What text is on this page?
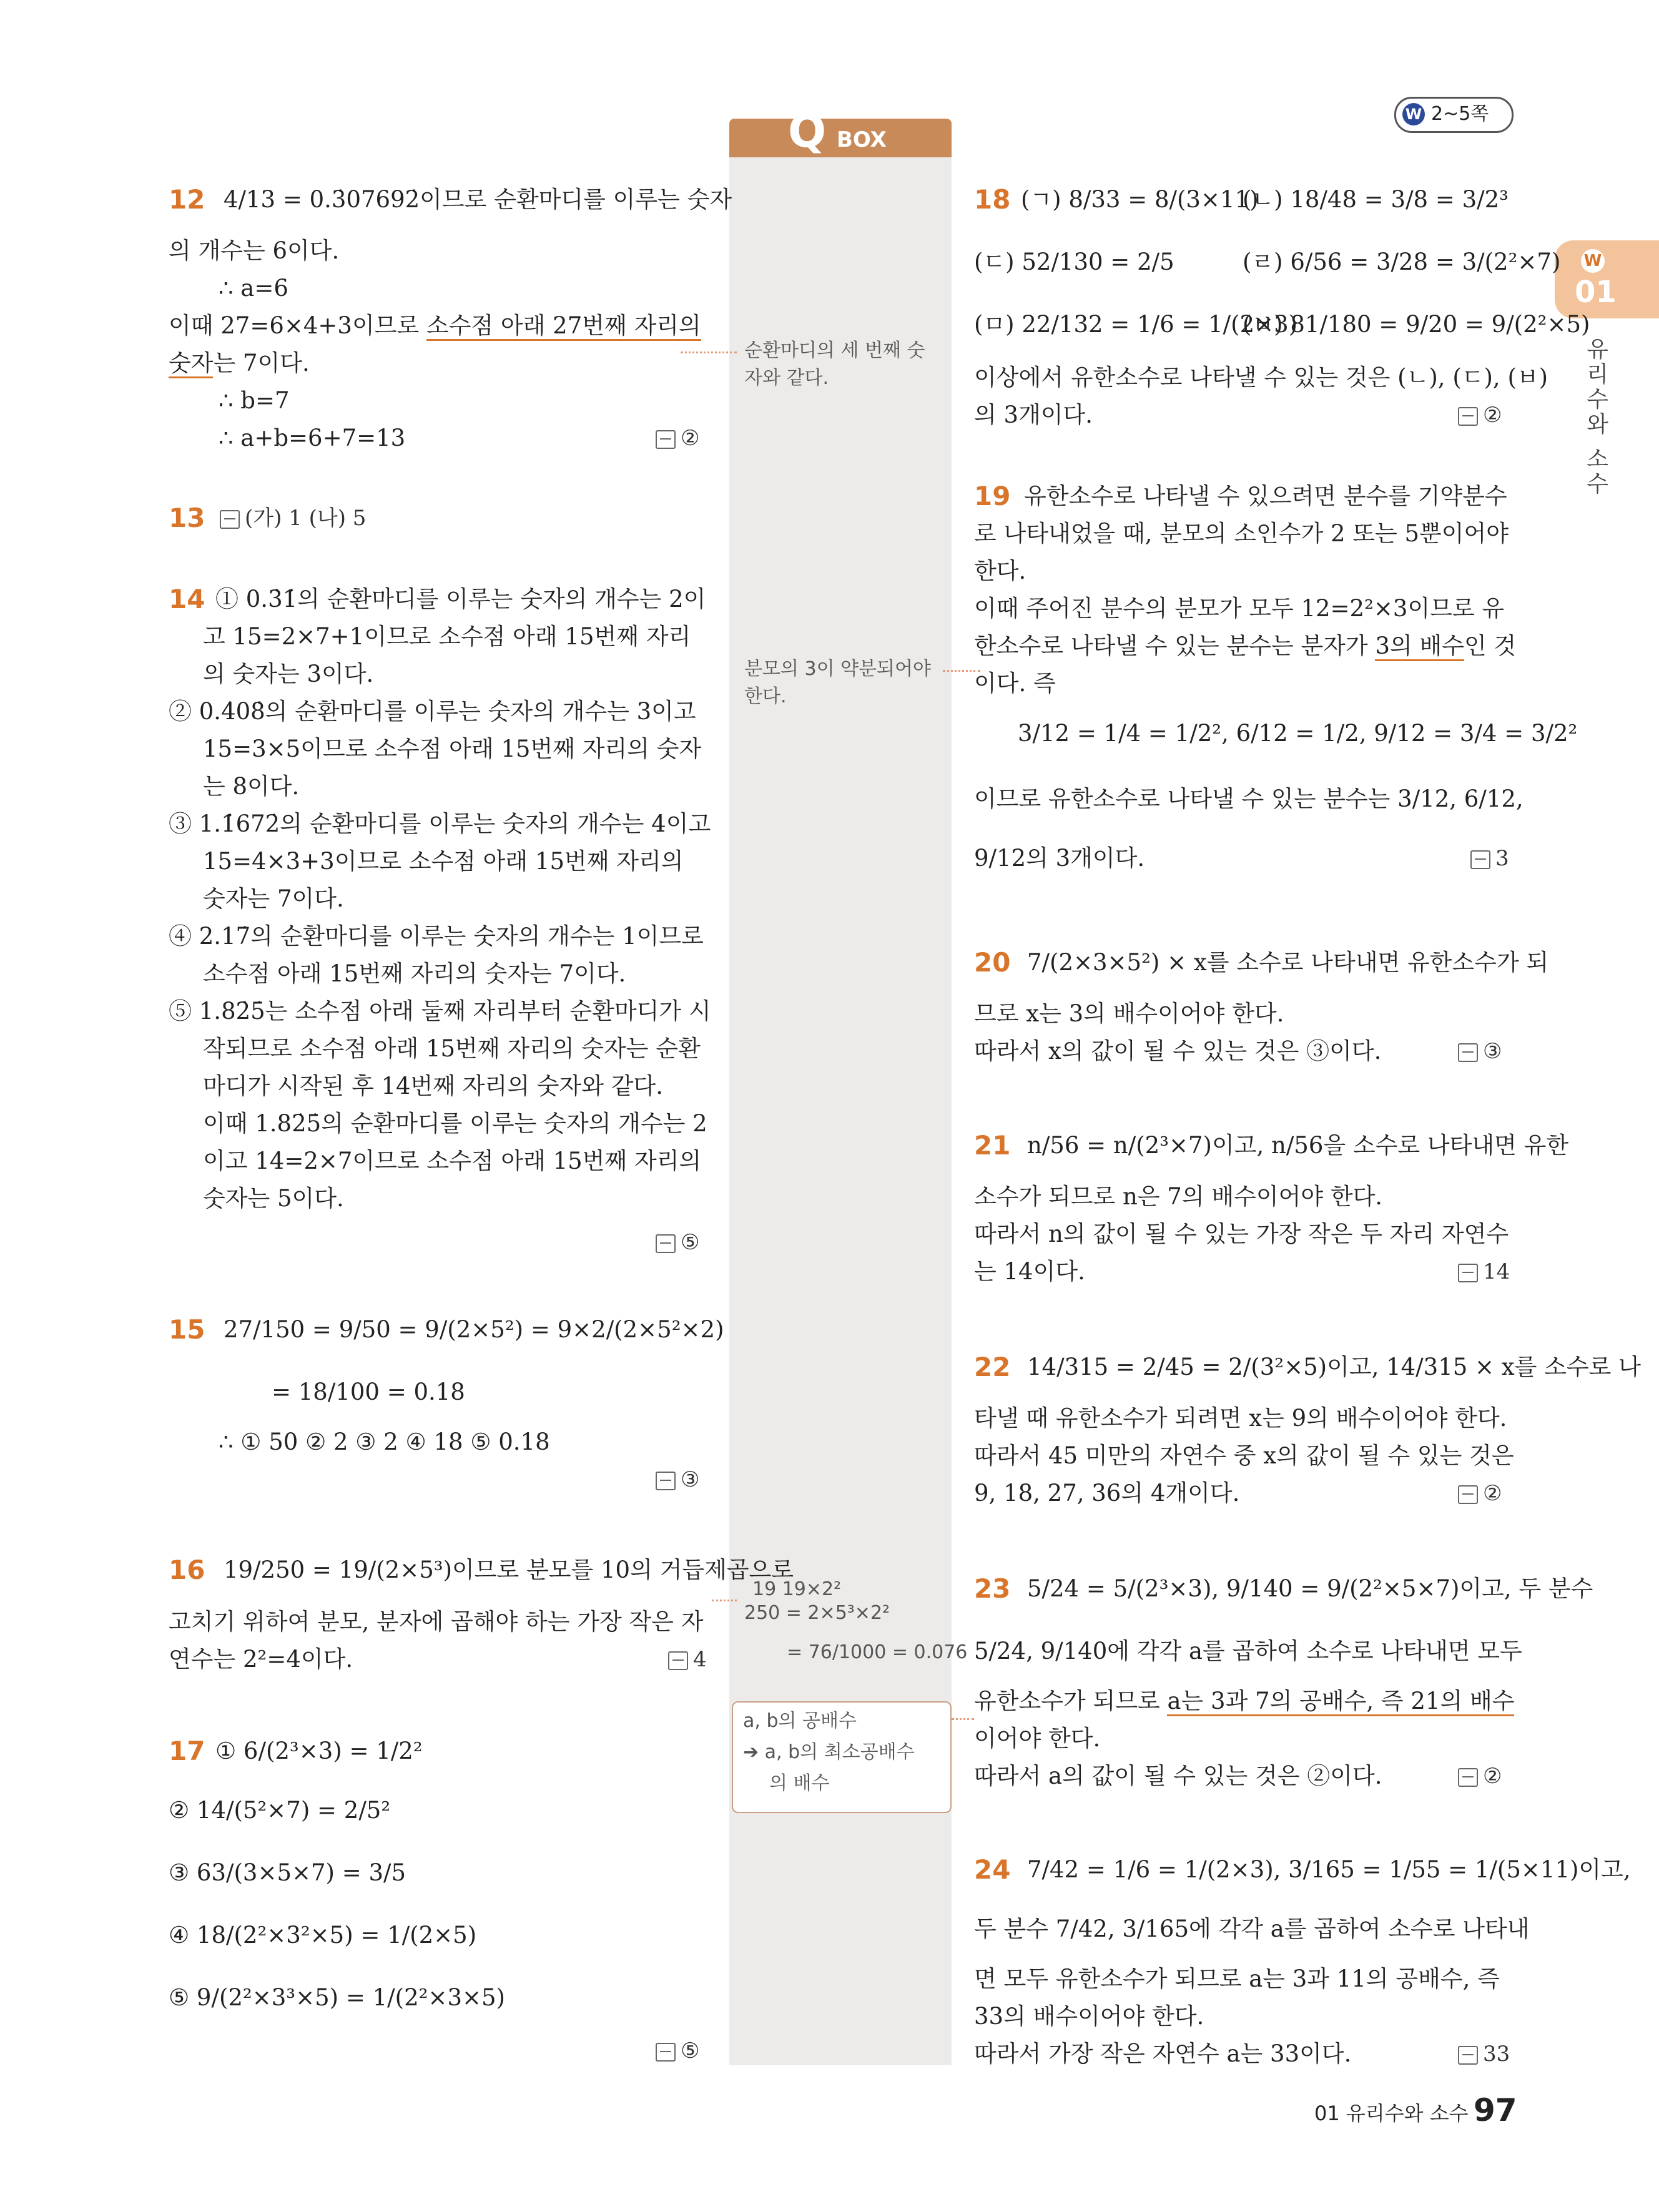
W 2~5쪽
W
01
유리수와 소수
Q BOX
순환마디의 세 번째 숫
자와 같다.
분모의 3이 약분되어야
한다.
19 19×2²
250 = 2×5³×2²
= 76/1000 = 0.076
a, b의 공배수
➔ a, b의 최소공배수
의 배수
12 4/13 = 0.3̇07692̇이므로 순환마디를 이루는 숫자
의 개수는 6이다.
∴ a=6
이때 27=6×4+3이므로 소수점 아래 27번째 자리의
숫자는 7이다.
∴ b=7
∴ a+b=6+7=13	②
13	(가) 1 (나) 5
14 ① 0.3̇1̇의 순환마디를 이루는 숫자의 개수는 2이
고 15=2×7+1이므로 소수점 아래 15번째 자리
의 숫자는 3이다.
② 0.4̇08̇의 순환마디를 이루는 숫자의 개수는 3이고
15=3×5이므로 소수점 아래 15번째 자리의 숫자
는 8이다.
③ 1.1̇672̇의 순환마디를 이루는 숫자의 개수는 4이고
15=4×3+3이므로 소수점 아래 15번째 자리의
숫자는 7이다.
④ 2.17̇의 순환마디를 이루는 숫자의 개수는 1이므로
소수점 아래 15번째 자리의 숫자는 7이다.
⑤ 1.82̇5̇는 소수점 아래 둘째 자리부터 순환마디가 시
작되므로 소수점 아래 15번째 자리의 숫자는 순환
마디가 시작된 후 14번째 자리의 숫자와 같다.
이때 1.82̇5̇의 순환마디를 이루는 숫자의 개수는 2
이고 14=2×7이므로 소수점 아래 15번째 자리의
숫자는 5이다.
⑤
15 27/150 = 9/50 = 9/(2×5²) = 9×2/(2×5²×2)
= 18/100 = 0.18
∴ ① 50 ② 2 ③ 2 ④ 18 ⑤ 0.18
③
16 19/250 = 19/(2×5³)이므로 분모를 10의 거듭제곱으로
고치기 위하여 분모, 분자에 곱해야 하는 가장 작은 자
연수는 2²=4이다.	4
17 ① 6/(2³×3) = 1/2²
② 14/(5²×7) = 2/5²
③ 63/(3×5×7) = 3/5
④ 18/(2²×3²×5) = 1/(2×5)
⑤ 9/(2²×3³×5) = 1/(2²×3×5)
⑤
18 (ㄱ) 8/33 = 8/(3×11)
(ㄴ) 18/48 = 3/8 = 3/2³
(ㄷ) 52/130 = 2/5	(ㄹ) 6/56 = 3/28 = 3/(2²×7)
(ㅁ) 22/132 = 1/6 = 1/(2×3)
(ㅂ) 81/180 = 9/20 = 9/(2²×5)
이상에서 유한소수로 나타낼 수 있는 것은 (ㄴ), (ㄷ), (ㅂ)
의 3개이다.	②
19 유한소수로 나타낼 수 있으려면 분수를 기약분수
로 나타내었을 때, 분모의 소인수가 2 또는 5뿐이어야
한다.
이때 주어진 분수의 분모가 모두 12=2²×3이므로 유
한소수로 나타낼 수 있는 분수는 분자가 3의 배수인 것
이다. 즉
3/12 = 1/4 = 1/2², 6/12 = 1/2, 9/12 = 3/4 = 3/2²
이므로 유한소수로 나타낼 수 있는 분수는 3/12, 6/12,
9/12의 3개이다.	3
20 7/(2×3×5²) × x를 소수로 나타내면 유한소수가 되
므로 x는 3의 배수이어야 한다.
따라서 x의 값이 될 수 있는 것은 ③이다.	③
21 n/56 = n/(2³×7)이고, n/56을 소수로 나타내면 유한
소수가 되므로 n은 7의 배수이어야 한다.
따라서 n의 값이 될 수 있는 가장 작은 두 자리 자연수
는 14이다.	14
22 14/315 = 2/45 = 2/(3²×5)이고, 14/315 × x를 소수로 나
타낼 때 유한소수가 되려면 x는 9의 배수이어야 한다.
따라서 45 미만의 자연수 중 x의 값이 될 수 있는 것은
9, 18, 27, 36의 4개이다.	②
23 5/24 = 5/(2³×3), 9/140 = 9/(2²×5×7)이고, 두 분수
5/24, 9/140에 각각 a를 곱하여 소수로 나타내면 모두
유한소수가 되므로 a는 3과 7의 공배수, 즉 21의 배수
이어야 한다.
따라서 a의 값이 될 수 있는 것은 ②이다.	②
24 7/42 = 1/6 = 1/(2×3), 3/165 = 1/55 = 1/(5×11)이고,
두 분수 7/42, 3/165에 각각 a를 곱하여 소수로 나타내
면 모두 유한소수가 되므로 a는 3과 11의 공배수, 즉
33의 배수이어야 한다.
따라서 가장 작은 자연수 a는 33이다.	33
01 유리수와 소수 97
